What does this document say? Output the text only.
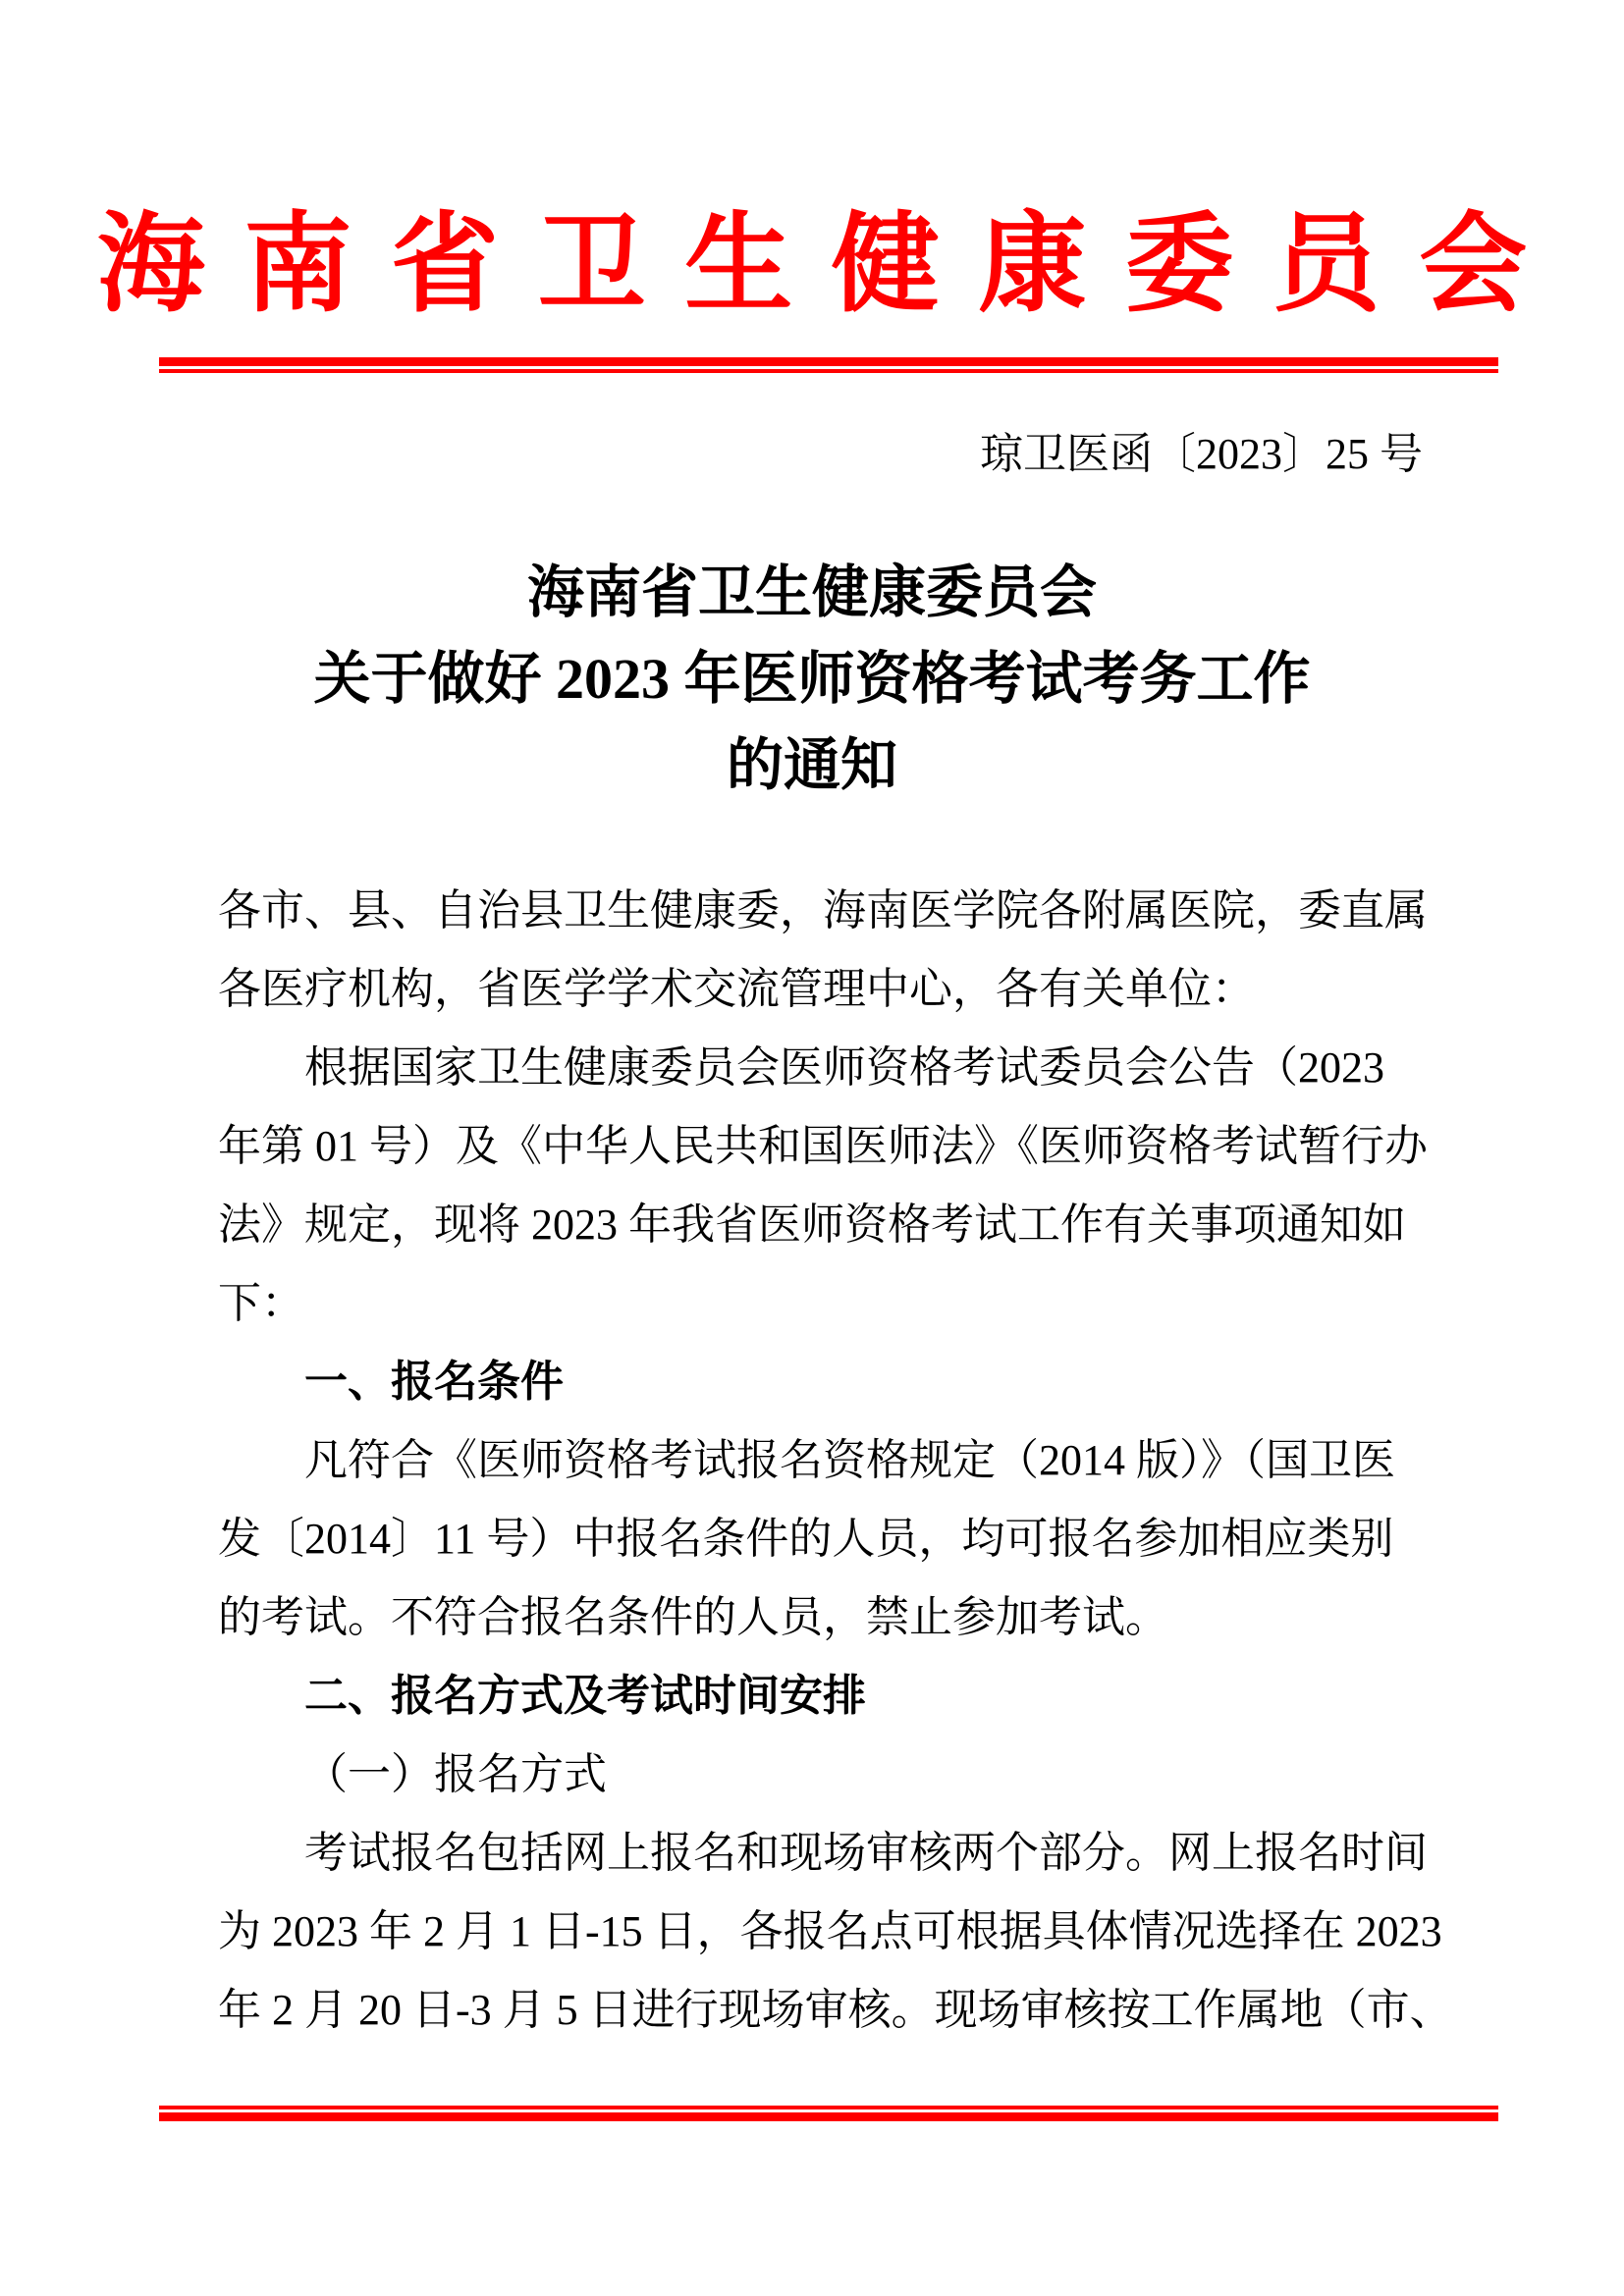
海南省卫生健康委员会
琼卫医函〔2023〕25 号
海南省卫生健康委员会
关于做好 2023 年医师资格考试考务工作
的通知
各市、县、自治县卫生健康委，海南医学院各附属医院，委直属
各医疗机构，省医学学术交流管理中心，各有关单位：
根据国家卫生健康委员会医师资格考试委员会公告（2023
年第 01 号）及《中华人民共和国医师法》《医师资格考试暂行办
法》规定，现将 2023 年我省医师资格考试工作有关事项通知如
下：
一、报名条件
凡符合《医师资格考试报名资格规定（2014 版）》（国卫医
发〔2014〕11 号）中报名条件的人员，均可报名参加相应类别
的考试。不符合报名条件的人员，禁止参加考试。
二、报名方式及考试时间安排
（一）报名方式
考试报名包括网上报名和现场审核两个部分。网上报名时间
为 2023 年 2 月 1 日-15 日，各报名点可根据具体情况选择在 2023
年 2 月 20 日-3 月 5 日进行现场审核。现场审核按工作属地（市、
